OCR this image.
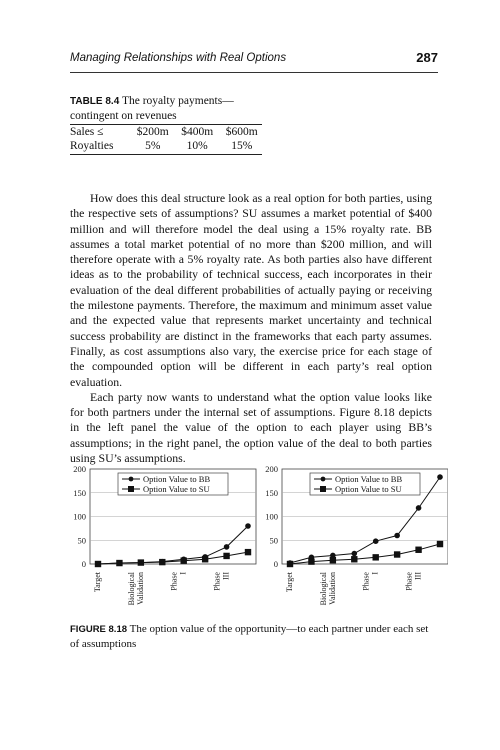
Managing Relationships with Real Options	287
TABLE 8.4 The royalty payments—contingent on revenues
Sales ≤	$200m	$400m	$600m
Royalties	5%	10%	15%

How does this deal structure look as a real option for both parties, using the respective sets of assumptions? SU assumes a market potential of $400 million and will therefore model the deal using a 15% royalty rate. BB assumes a total market potential of no more than $200 million, and will therefore operate with a 5% royalty rate. As both parties also have different ideas as to the probability of technical success, each incorporates in their evaluation of the deal different probabilities of actually paying or receiving the milestone payments. Therefore, the maximum and minimum asset value and the expected value that represents market uncertainty and technical success probability are distinct in the frameworks that each party assumes. Finally, as cost assumptions also vary, the exercise price for each stage of the compounded option will be different in each party’s real option evaluation.

Each party now wants to understand what the option value looks like for both partners under the internal set of assumptions. Figure 8.18 depicts in the left panel the value of the option to each player using BB’s assumptions; in the right panel, the option value of the deal to both parties using SU’s assumptions.

0
50
100
150
200
Target	Biological Validation	Phase I	Phase III
Option Value to BB
Option Value to SU
0
50
100
150
200
Target	Biological Validation	Phase I	Phase III
Option Value to BB
Option Value to SU
FIGURE 8.18 The option value of the opportunity—to each partner under each set of assumptions
